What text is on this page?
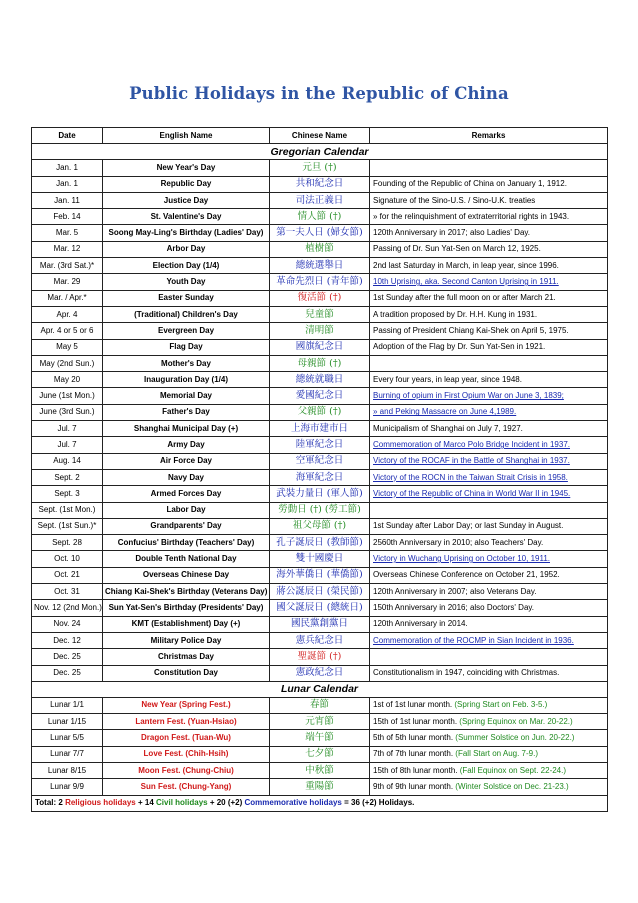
Public Holidays in the Republic of China
Date	English Name	Chinese Name	Remarks
Gregorian Calendar			
Jan. 1	New Year's Day	元旦 (†)	
Jan. 1	Republic Day	共和紀念日	Founding of the Republic of China on January 1, 1912.
Jan. 11	Justice Day	司法正義日	Signature of the Sino-U.S. / Sino-U.K. treaties
Feb. 14	St. Valentine's Day	情人節 (†)	» for the relinquishment of extraterritorial rights in 1943.
Mar. 5	Soong May-Ling's Birthday (Ladies' Day)	第一夫人日 (婦女節)	120th Anniversary in 2017; also Ladies' Day.
Mar. 12	Arbor Day	植樹節	Passing of Dr. Sun Yat-Sen on March 12, 1925.
Mar. (3rd Sat.)*	Election Day (1/4)	總統選舉日	2nd last Saturday in March, in leap year, since 1996.
Mar. 29	Youth Day	革命先烈日 (青年節)	10th Uprising, aka. Second Canton Uprising in 1911.
Mar. / Apr.*	Easter Sunday	復活節 (†)	1st Sunday after the full moon on or after March 21.
Apr. 4	(Traditional) Children's Day	兒童節	A tradition proposed by Dr. H.H. Kung in 1931.
Apr. 4 or 5 or 6	Evergreen Day	清明節	Passing of President Chiang Kai-Shek on April 5, 1975.
May 5	Flag Day	國旗紀念日	Adoption of the Flag by Dr. Sun Yat-Sen in 1921.
May (2nd Sun.)	Mother's Day	母親節 (†)	
May 20	Inauguration Day (1/4)	總統就職日	Every four years, in leap year, since 1948.
June (1st Mon.)	Memorial Day	愛國紀念日	Burning of opium in First Opium War on June 3, 1839;
June (3rd Sun.)	Father's Day	父親節 (†)	» and Peking Massacre on June 4,1989.
Jul. 7	Shanghai Municipal Day (+)	上海市建市日	Municipalism of Shanghai on July 7, 1927.
Jul. 7	Army Day	陸軍紀念日	Commemoration of Marco Polo Bridge Incident in 1937.
Aug. 14	Air Force Day	空軍紀念日	Victory of the ROCAF in the Battle of Shanghai in 1937.
Sept. 2	Navy Day	海軍紀念日	Victory of the ROCN in the Taiwan Strait Crisis in 1958.
Sept. 3	Armed Forces Day	武裝力量日 (軍人節)	Victory of the Republic of China in World War II in 1945.
Sept. (1st Mon.)	Labor Day	勞動日 (†) (勞工節)	
Sept. (1st Sun.)*	Grandparents' Day	祖父母節 (†)	1st Sunday after Labor Day; or last Sunday in August.
Sept. 28	Confucius' Birthday (Teachers' Day)	孔子誕辰日 (教師節)	2560th Anniversary in 2010; also Teachers' Day.
Oct. 10	Double Tenth National Day	雙十國慶日	Victory in Wuchang Uprising on October 10, 1911.
Oct. 21	Overseas Chinese Day	海外華僑日 (華僑節)	Overseas Chinese Conference on October 21, 1952.
Oct. 31	Chiang Kai-Shek's Birthday (Veterans Day)	蔣公誕辰日 (榮民節)	120th Anniversary in 2007; also Veterans Day.
Nov. 12 (2nd Mon.)	Sun Yat-Sen's Birthday (Presidents' Day)	國父誕辰日 (總統日)	150th Anniversary in 2016; also Doctors' Day.
Nov. 24	KMT (Establishment) Day (+)	國民黨創黨日	120th Anniversary in 2014.
Dec. 12	Military Police Day	憲兵紀念日	Commemoration of the ROCMP in Sian Incident in 1936.
Dec. 25	Christmas Day	聖誕節 (†)	
Dec. 25	Constitution Day	憲政紀念日	Constitutionalism in 1947, coinciding with Christmas.
Lunar Calendar			
Lunar 1/1	New Year (Spring Fest.)	春節	1st of 1st lunar month. (Spring Start on Feb. 3-5.)
Lunar 1/15	Lantern Fest. (Yuan-Hsiao)	元宵節	15th of 1st lunar month. (Spring Equinox on Mar. 20-22.)
Lunar 5/5	Dragon Fest. (Tuan-Wu)	端午節	5th of 5th lunar month. (Summer Solstice on Jun. 20-22.)
Lunar 7/7	Love Fest. (Chih-Hsih)	七夕節	7th of 7th lunar month. (Fall Start on Aug. 7-9.)
Lunar 8/15	Moon Fest. (Chung-Chiu)	中秋節	15th of 8th lunar month. (Fall Equinox on Sept. 22-24.)
Lunar 9/9	Sun Fest. (Chung-Yang)	重陽節	9th of 9th lunar month. (Winter Solstice on Dec. 21-23.)
Total: 2 Religious holidays + 14 Civil holidays + 20 (+2) Commemorative holidays = 36 (+2) Holidays.			
